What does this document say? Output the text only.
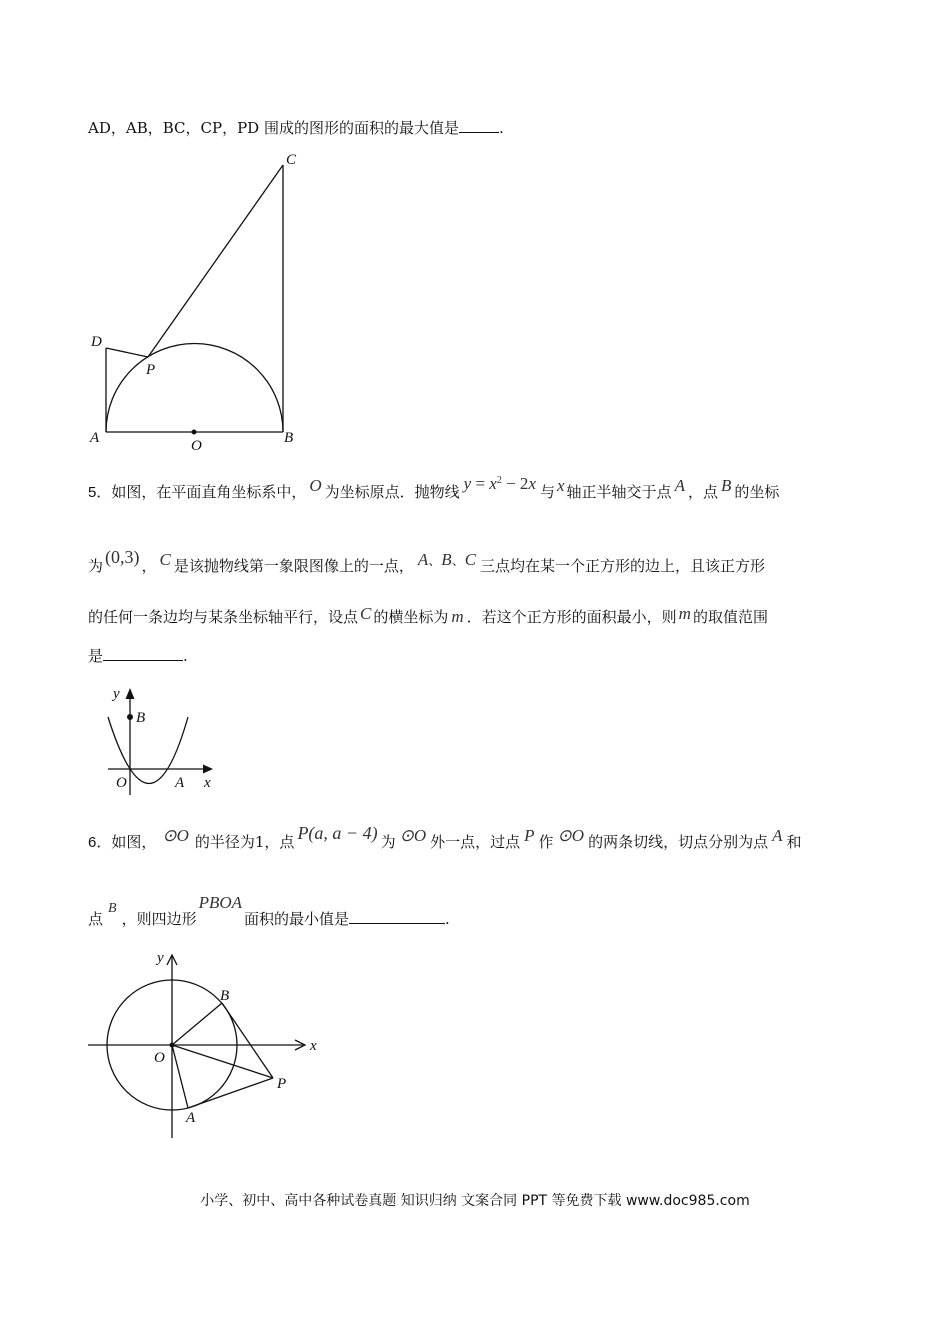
AD，AB，BC，CP，PD 围成的图形的面积的最大值是	.
C
D
P
A	O	B
5．如图，在平面直角坐标系中， O 为坐标原点．抛物线 $y = x^2 - 2x$ 与 x 轴正半轴交于点 A ，点 B 的坐标
为 (0,3) ， C 是该抛物线第一象限图像上的一点， A、B、C 三点均在某一个正方形的边上，且该正方形
的任何一条边均与某条坐标轴平行，设点 C 的横坐标为 m ．若这个正方形的面积最小，则 m 的取值范围
是	.
y
B
O	A x
6．如图， ⊙O 的半径为1，点 P(a, a − 4) 为 ⊙O 外一点，过点 P 作 ⊙O 的两条切线，切点分别为点 A 和
点B，则四边形PBOA面积的最小值是	.
y
B
x
O
P
A
小学、初中、高中各种试卷真题 知识归纳 文案合同 PPT 等免费下载 www.doc985.com
